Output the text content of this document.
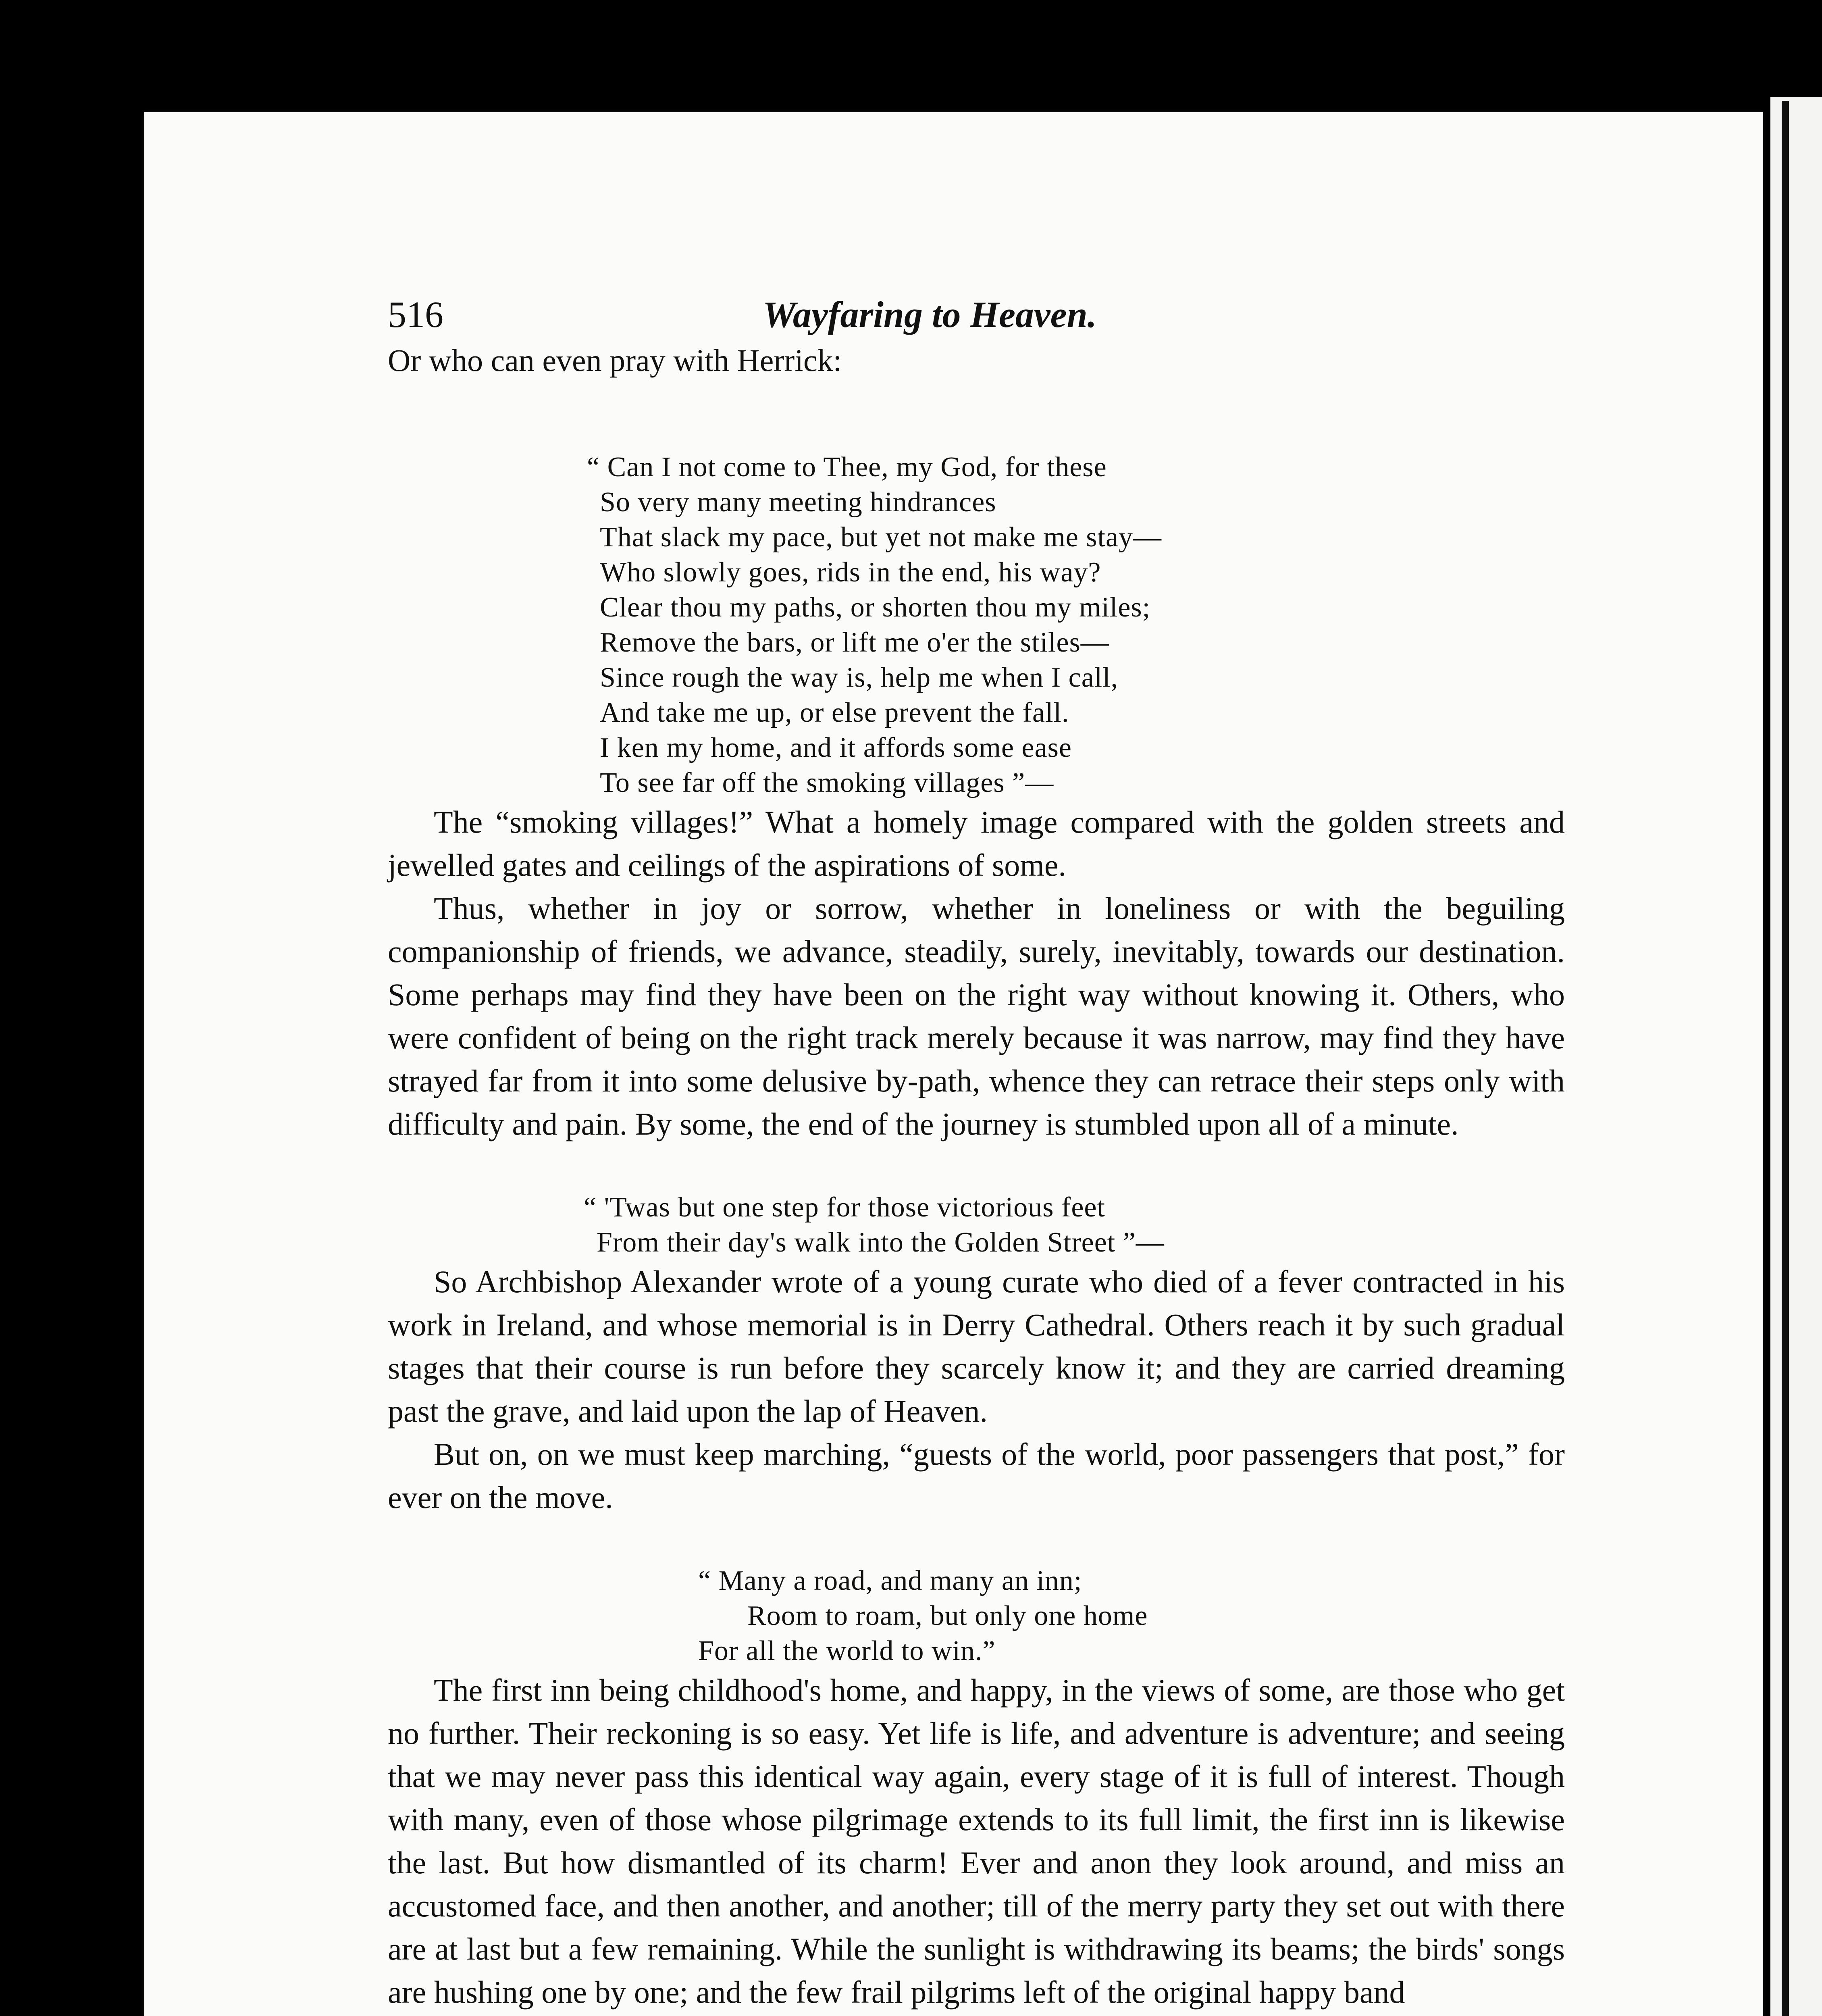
516	Wayfaring to Heaven.

Or who can even pray with Herrick:

“ Can I not come to Thee, my God, for these
So very many meeting hindrances
That slack my pace, but yet not make me stay—
Who slowly goes, rids in the end, his way?
Clear thou my paths, or shorten thou my miles;
Remove the bars, or lift me o'er the stiles—
Since rough the way is, help me when I call,
And take me up, or else prevent the fall.
I ken my home, and it affords some ease
To see far off the smoking villages ”—

The “smoking villages!” What a homely image compared with the golden streets and jewelled gates and ceilings of the aspirations of some.

Thus, whether in joy or sorrow, whether in loneliness or with the beguiling companionship of friends, we advance, steadily, surely, inevitably, towards our destination. Some perhaps may find they have been on the right way without knowing it. Others, who were confident of being on the right track merely because it was narrow, may find they have strayed far from it into some delusive by-path, whence they can retrace their steps only with difficulty and pain. By some, the end of the journey is stumbled upon all of a minute.

“ 'Twas but one step for those victorious feet
From their day's walk into the Golden Street ”—

So Archbishop Alexander wrote of a young curate who died of a fever contracted in his work in Ireland, and whose memorial is in Derry Cathedral. Others reach it by such gradual stages that their course is run before they scarcely know it; and they are carried dreaming past the grave, and laid upon the lap of Heaven.

But on, on we must keep marching, “guests of the world, poor passengers that post,” for ever on the move.

“ Many a road, and many an inn;
Room to roam, but only one home
For all the world to win.”

The first inn being childhood's home, and happy, in the views of some, are those who get no further. Their reckoning is so easy. Yet life is life, and adventure is adventure; and seeing that we may never pass this identical way again, every stage of it is full of interest. Though with many, even of those whose pilgrimage extends to its full limit, the first inn is likewise the last. But how dismantled of its charm! Ever and anon they look around, and miss an accustomed face, and then another, and another; till of the merry party they set out with there are at last but a few remaining. While the sunlight is withdrawing its beams; the birds' songs are hushing one by one; and the few frail pilgrims left of the original happy band
